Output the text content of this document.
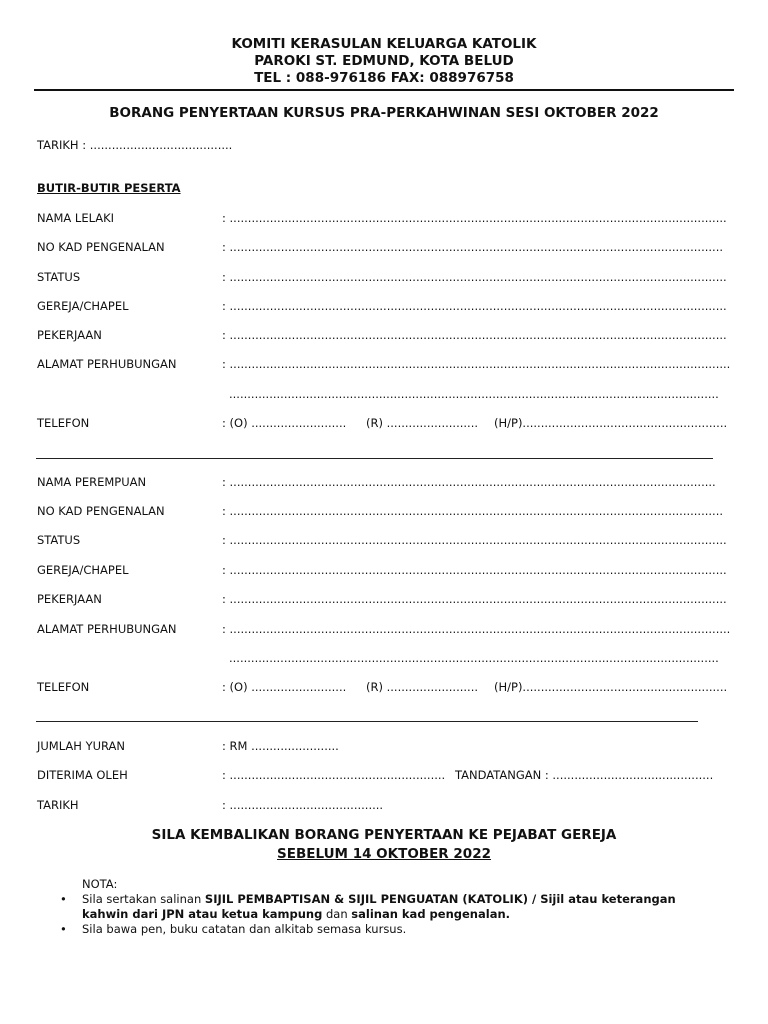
KOMITI KERASULAN KELUARGA KATOLIK
PAROKI ST. EDMUND, KOTA BELUD
TEL : 088-976186 FAX: 088976758
BORANG PENYERTAAN KURSUS PRA-PERKAHWINAN SESI OKTOBER 2022
TARIKH : .......................................
BUTIR-BUTIR PESERTA
NAMA LELAKI	: ........................................................................................................................................
NO KAD PENGENALAN	: .......................................................................................................................................
STATUS	: ........................................................................................................................................
GEREJA/CHAPEL	: ........................................................................................................................................
PEKERJAAN	: ........................................................................................................................................
ALAMAT PERHUBUNGAN	: .........................................................................................................................................
......................................................................................................................................
TELEFON	: (O) .......................... (R) ......................... (H/P)........................................................
NAMA PEREMPUAN	: .....................................................................................................................................
NO KAD PENGENALAN	: .......................................................................................................................................
STATUS	: ........................................................................................................................................
GEREJA/CHAPEL	: ........................................................................................................................................
PEKERJAAN	: ........................................................................................................................................
ALAMAT PERHUBUNGAN	: .........................................................................................................................................
......................................................................................................................................
TELEFON	: (O) .......................... (R) ......................... (H/P)........................................................
JUMLAH YURAN	: RM ........................
DITERIMA OLEH	: ........................................................... TANDATANGAN : ............................................
TARIKH	: ..........................................
SILA KEMBALIKAN BORANG PENYERTAAN KE PEJABAT GEREJA
SEBELUM 14 OKTOBER 2022
NOTA:
• Sila sertakan salinan SIJIL PEMBAPTISAN & SIJIL PENGUATAN (KATOLIK) / Sijil atau keterangan
kahwin dari JPN atau ketua kampung dan salinan kad pengenalan.
• Sila bawa pen, buku catatan dan alkitab semasa kursus.
